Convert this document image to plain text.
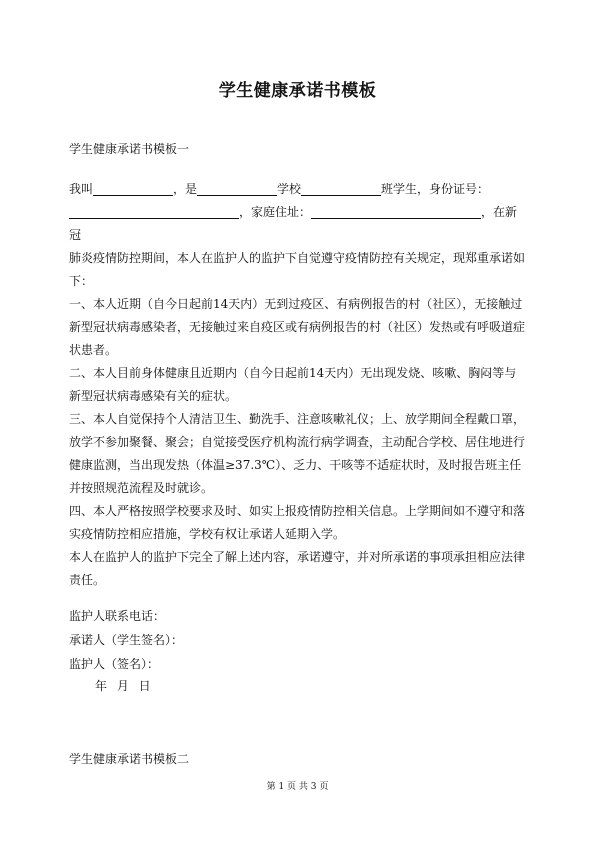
学生健康承诺书模板
学生健康承诺书模板一

我叫	，是	学校	班学生，身份证号：

，家庭住址：	，在新冠

肺炎疫情防控期间，本人在监护人的监护下自觉遵守疫情防控有关规定，现郑重承诺如下：

一、本人近期（自今日起前14天内）无到过疫区、有病例报告的村（社区），无接触过新型冠状病毒感染者，无接触过来自疫区或有病例报告的村（社区）发热或有呼吸道症状患者。

二、本人目前身体健康且近期内（自今日起前14天内）无出现发烧、咳嗽、胸闷等与新型冠状病毒感染有关的症状。

三、本人自觉保持个人清洁卫生、勤洗手、注意咳嗽礼仪；上、放学期间全程戴口罩，放学不参加聚餐、聚会；自觉接受医疗机构流行病学调查，主动配合学校、居住地进行健康监测，当出现发热（体温≥37.3℃）、乏力、干咳等不适症状时，及时报告班主任并按照规范流程及时就诊。

四、本人严格按照学校要求及时、如实上报疫情防控相关信息。上学期间如不遵守和落实疫情防控相应措施，学校有权让承诺人延期入学。

本人在监护人的监护下完全了解上述内容，承诺遵守，并对所承诺的事项承担相应法律责任。

监护人联系电话：
承诺人（学生签名）：
监护人（签名）：
年 月 日
学生健康承诺书模板二
第 1 页 共 3 页
